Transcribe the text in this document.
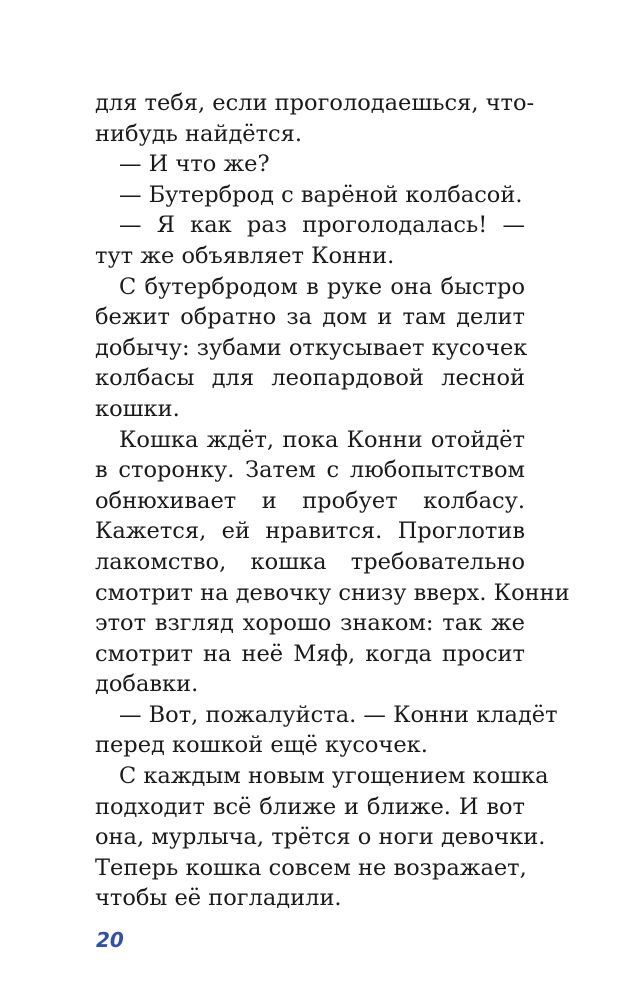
для тебя, если проголодаешься, что-
нибудь найдётся.
— И что же?
— Бутерброд с варёной колбасой.
— Я как раз проголодалась! —
тут же объявляет Конни.
С бутербродом в руке она быстро
бежит обратно за дом и там делит
добычу: зубами откусывает кусочек
колбасы для леопардовой лесной
кошки.
Кошка ждёт, пока Конни отойдёт
в сторонку. Затем с любопытством
обнюхивает и пробует колбасу.
Кажется, ей нравится. Проглотив
лакомство, кошка требовательно
смотрит на девочку снизу вверх. Конни
этот взгляд хорошо знаком: так же
смотрит на неё Мяф, когда просит
добавки.
— Вот, пожалуйста. — Конни кладёт
перед кошкой ещё кусочек.
С каждым новым угощением кошка
подходит всё ближе и ближе. И вот
она, мурлыча, трётся о ноги девочки.
Теперь кошка совсем не возражает,
чтобы её погладили.
20
